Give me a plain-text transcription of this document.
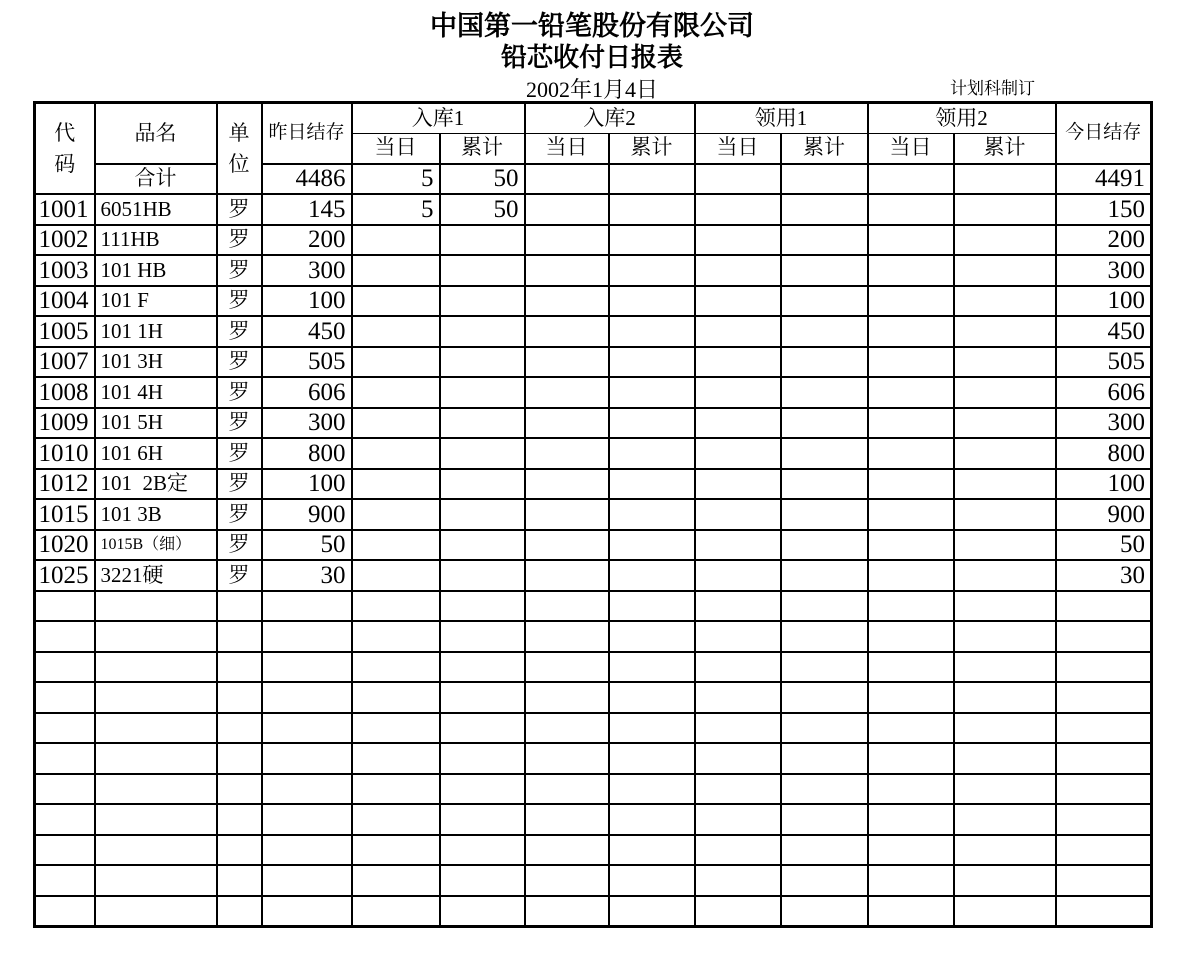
中国第一铅笔股份有限公司
铅芯收付日报表
2002年1月4日	计划科制订
代码	品名	单位	昨日结存	入库1		入库2		领用1		领用2		今日结存
				当日	累计	当日	累计	当日	累计	当日	累计	
	合计		4486	5	50							4491
1001	6051HB	罗	145	5	50							150
1002	111HB	罗	200									200
1003	101 HB	罗	300									300
1004	101 F	罗	100									100
1005	101 1H	罗	450									450
1007	101 3H	罗	505									505
1008	101 4H	罗	606									606
1009	101 5H	罗	300									300
1010	101 6H	罗	800									800
1012	101  2B定	罗	100									100
1015	101 3B	罗	900									900
1020	1015B（细）	罗	50									50
1025	3221硬	罗	30									30
